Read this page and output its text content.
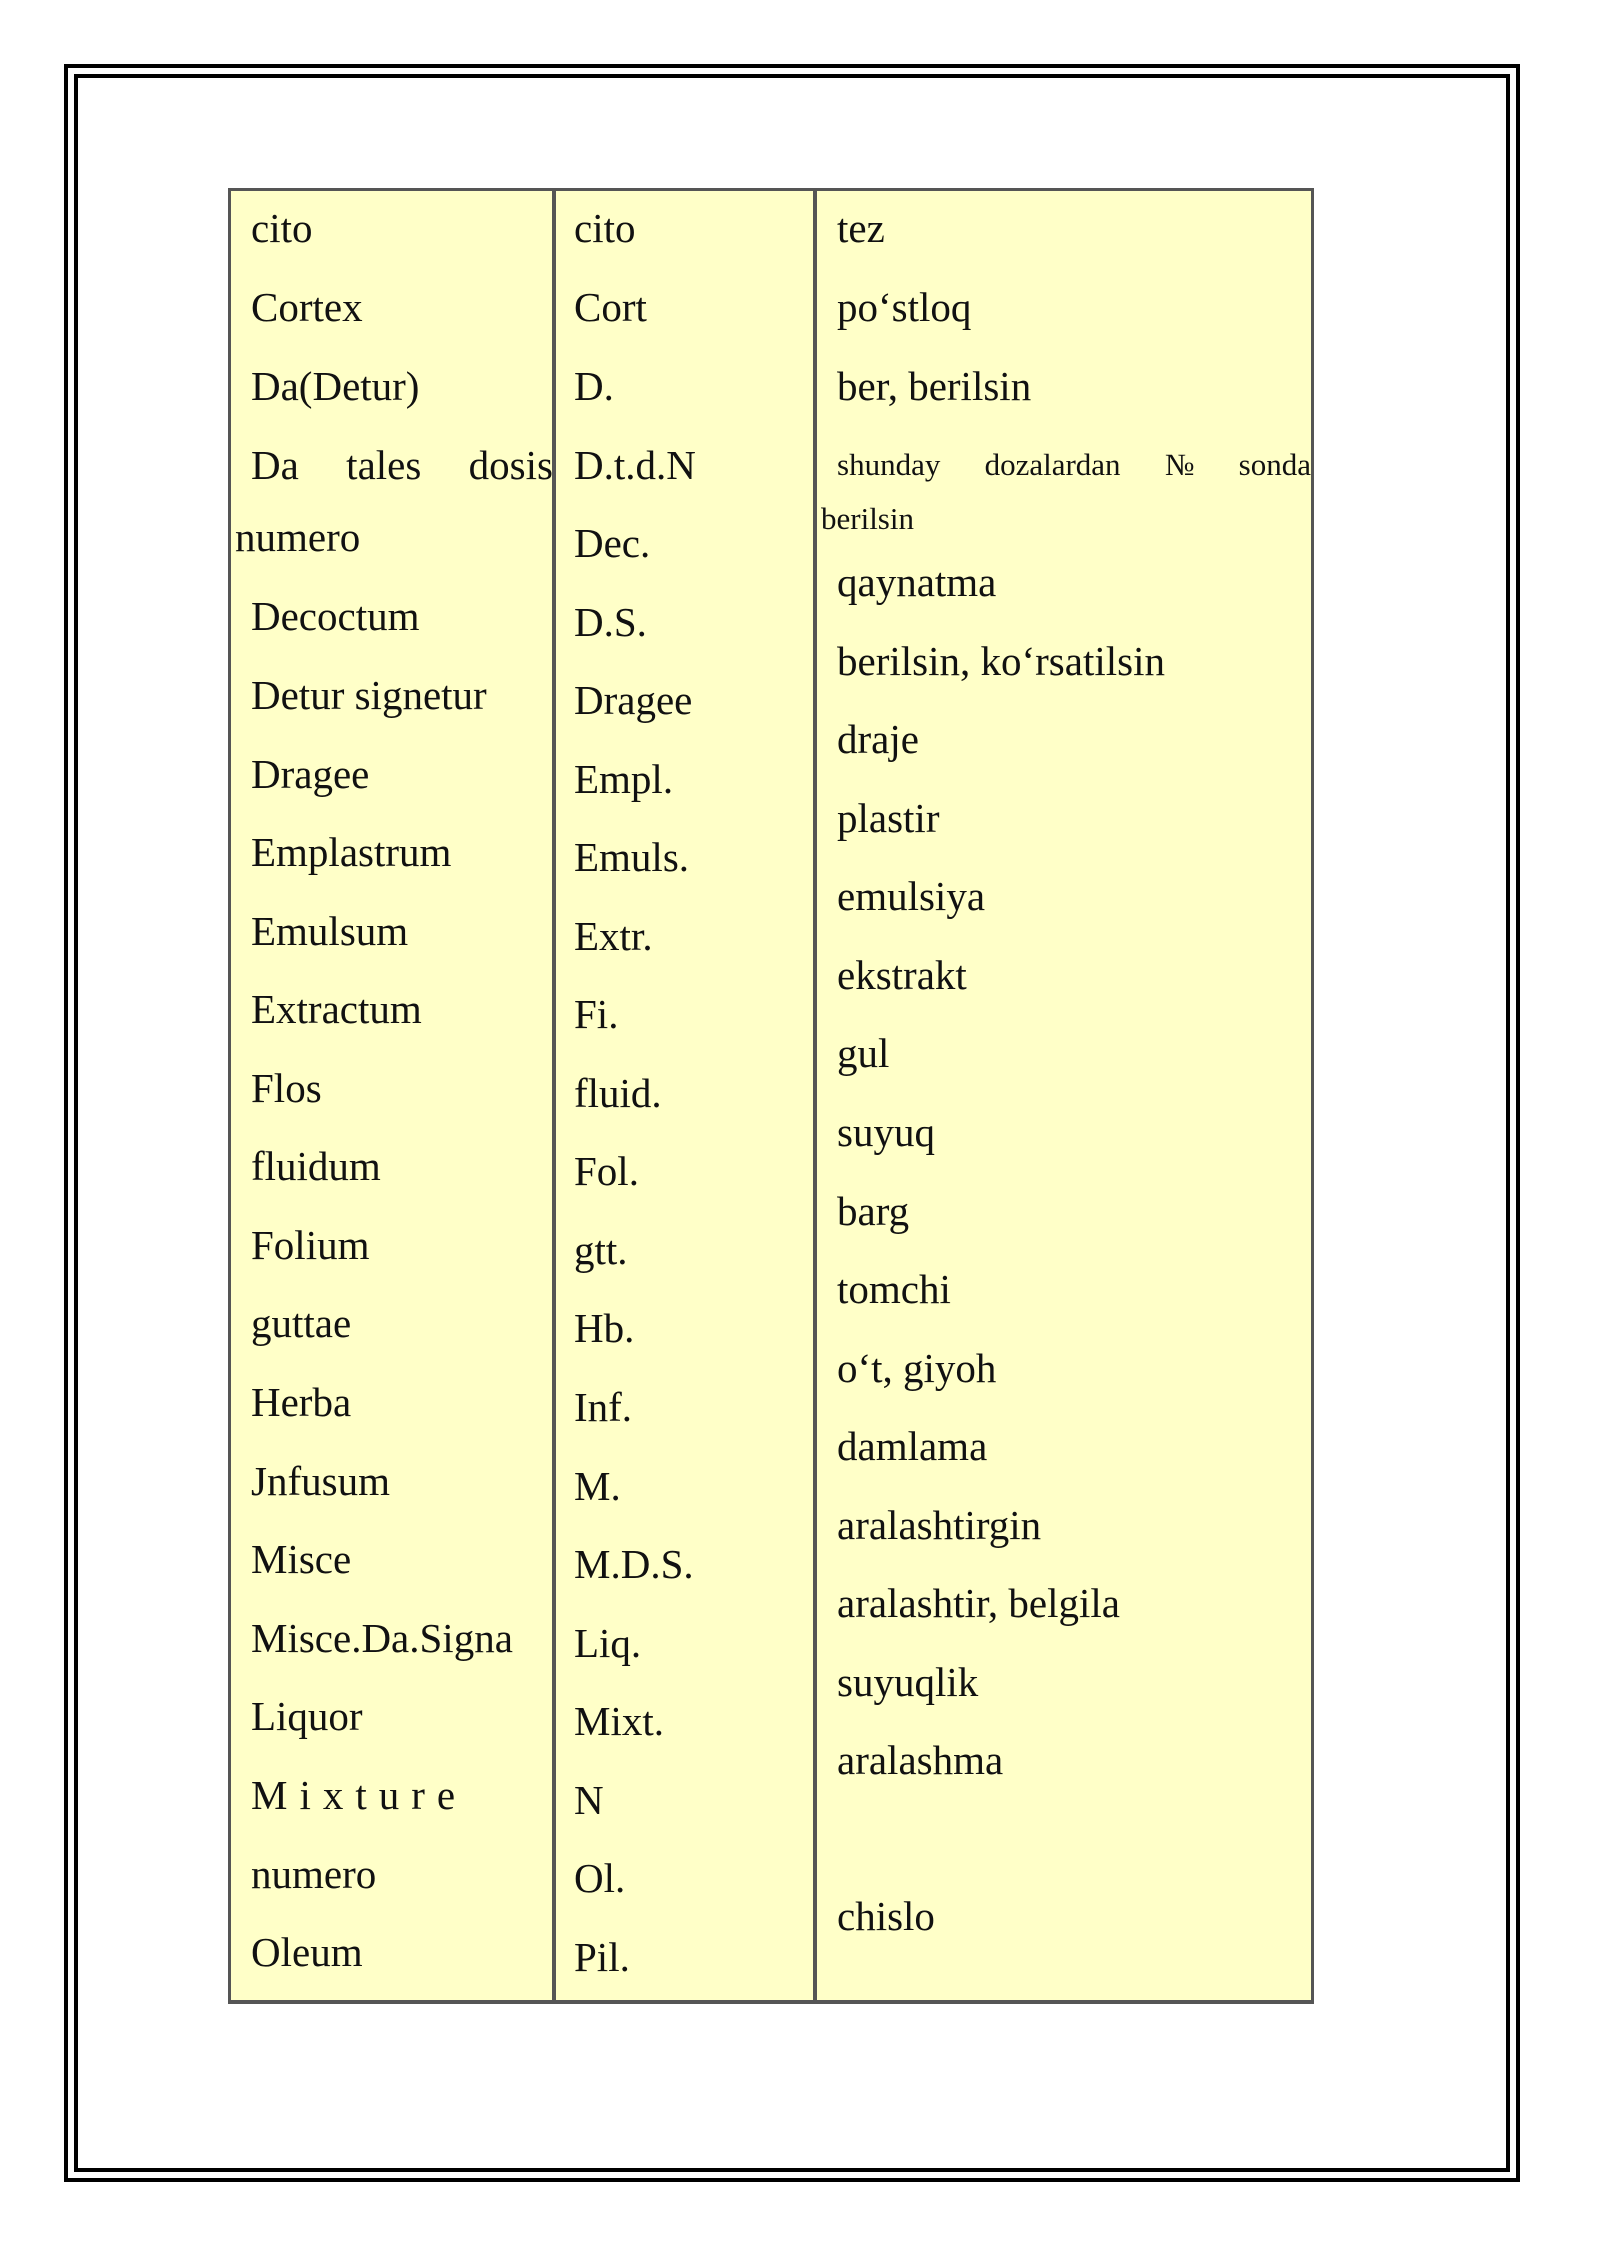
cito
Cortex
Da(Detur)
Da tales dosis
numero
Decoctum
Detur signetur
Dragee
Emplastrum
Emulsum
Extractum
Flos
fluidum
Folium
guttae
Herba
Jnfusum
Misce
Misce.Da.Signa
Liquor
Mixture
numero
Oleum
cito
Cort
D.
D.t.d.N
Dec.
D.S.
Dragee
Empl.
Emuls.
Extr.
Fi.
fluid.
Fol.
gtt.
Hb.
Inf.
M.
M.D.S.
Liq.
Mixt.
N
Ol.
Pil.
tez
po‘stloq
ber, berilsin
shunday dozalardan № sonda
berilsin
qaynatma
berilsin, ko‘rsatilsin
draje
plastir
emulsiya
ekstrakt
gul
suyuq
barg
tomchi
o‘t, giyoh
damlama
aralashtirgin
aralashtir, belgila
suyuqlik
aralashma
chislo
